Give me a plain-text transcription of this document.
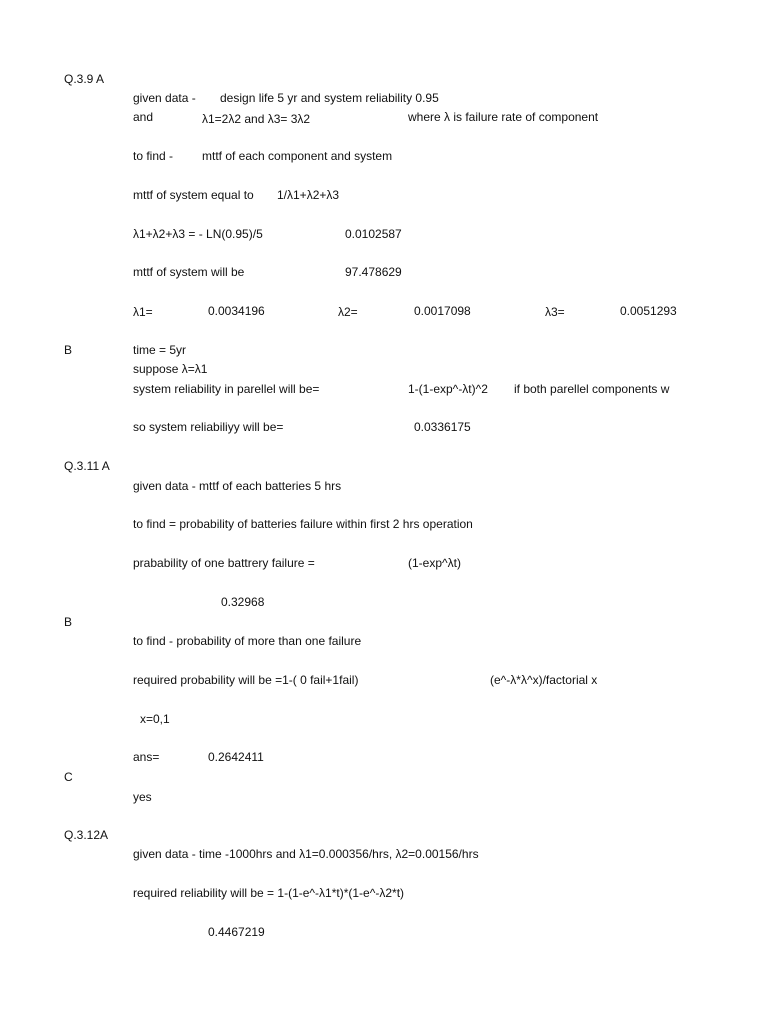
Q.3.9 A
given data - design life 5 yr and system reliability 0.95
and	λ1=2λ2 and λ3= 3λ2	where λ is failure rate of component
to find - mttf of each component and system
mttf of system equal to 1/λ1+λ2+λ3
λ1+λ2+λ3 = - LN(0.95)/5	0.0102587
mttf of system will be	97.478629
λ1=	0.0034196	λ2=	0.0017098	λ3=	0.0051293
B	time = 5yr
suppose λ=λ1
system reliability in parellel will be=	1-(1-exp^-λt)^2 if both parellel components w
so system reliabiliyy will be=	0.0336175
Q.3.11 A
given data - mttf of each batteries 5 hrs
to find = probability of batteries failure within first 2 hrs operation
prabability of one battrery failure =	(1-exp^λt)
0.32968
B
to find - probability of more than one failure
required probability will be =1-( 0 fail+1fail)	(e^-λ*λ^x)/factorial x
x=0,1
ans=	0.2642411
C
yes
Q.3.12A
given data - time -1000hrs and λ1=0.000356/hrs, λ2=0.00156/hrs
required reliability will be = 1-(1-e^-λ1*t)*(1-e^-λ2*t)
0.4467219
